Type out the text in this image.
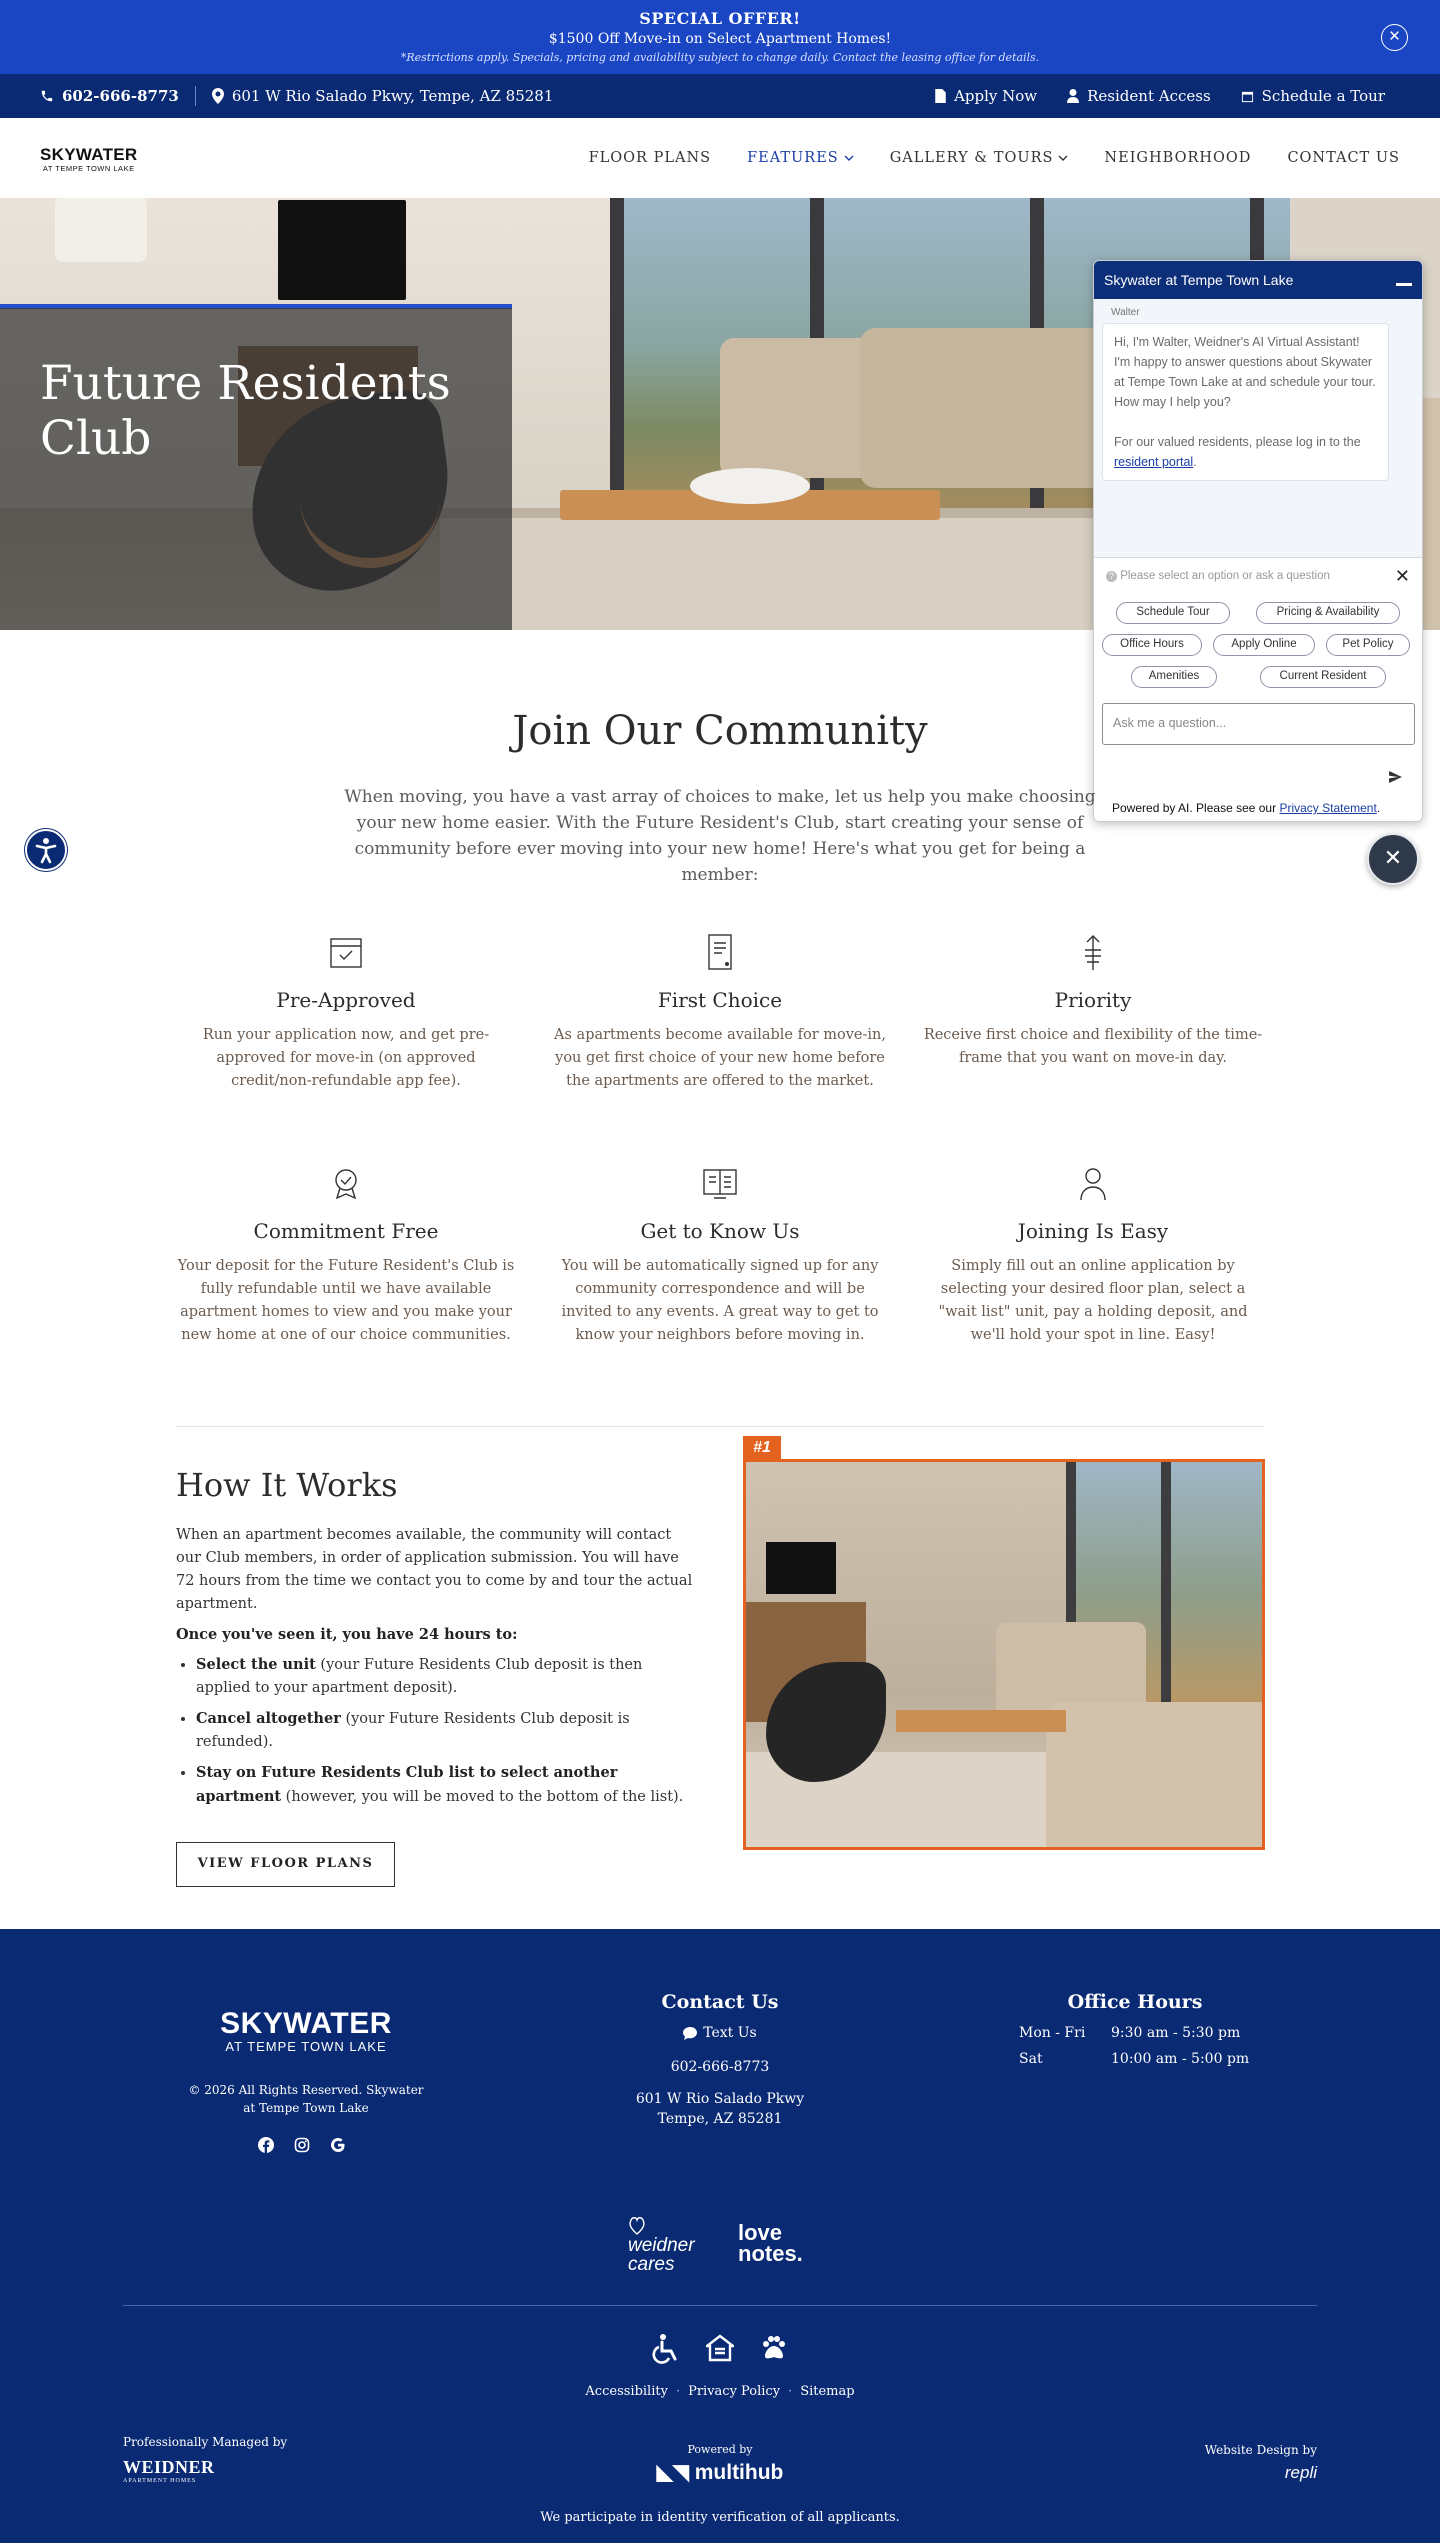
SPECIAL OFFER!
$1500 Off Move-in on Select Apartment Homes!
*Restrictions apply. Specials, pricing and availability subject to change daily. Contact the leasing office for details.
✕
602-666-8773	601 W Rio Salado Pkwy, Tempe, AZ 85281	Apply Now	Resident Access	Schedule a Tour
SKYWATER
AT TEMPE TOWN LAKE
FLOOR PLANS FEATURES	GALLERY & TOURS	NEIGHBORHOOD CONTACT US
Future Residents Club
Skywater at Tempe Town Lake
Walter
Hi, I'm Walter, Weidner's AI Virtual Assistant! I'm happy to answer questions about Skywater at Tempe Town Lake at and schedule your tour. How may I help you?
For our valued residents, please log in to the resident portal.
? Please select an option or ask a question	✕
Schedule Tour	Pricing & Availability
Office Hours	Apply Online	Pet Policy
Amenities	Current Resident
Ask me a question...
Powered by AI. Please see our Privacy Statement.
✕
Join Our Community

When moving, you have a vast array of choices to make, let us help you make choosing your new home easier. With the Future Resident's Club, start creating your sense of community before ever moving into your new home! Here's what you get for being a member:

Pre-Approved

Run your application now, and get pre-approved for move-in (on approved credit/non-refundable app fee).

First Choice

As apartments become available for move-in, you get first choice of your new home before the apartments are offered to the market.

Priority

Receive first choice and flexibility of the time-frame that you want on move-in day.

Commitment Free

Your deposit for the Future Resident's Club is fully refundable until we have available apartment homes to view and you make your new home at one of our choice communities.

Get to Know Us

You will be automatically signed up for any community correspondence and will be invited to any events. A great way to get to know your neighbors before moving in.

Joining Is Easy

Simply fill out an online application by selecting your desired floor plan, select a "wait list" unit, pay a holding deposit, and we'll hold your spot in line. Easy!

How It Works

When an apartment becomes available, the community will contact our Club members, in order of application submission. You will have 72 hours from the time we contact you to come by and tour the actual apartment.

Once you've seen it, you have 24 hours to:

• Select the unit (your Future Residents Club deposit is then applied to your apartment deposit).
• Cancel altogether (your Future Residents Club deposit is refunded).
• Stay on Future Residents Club list to select another apartment (however, you will be moved to the bottom of the list).
VIEW FLOOR PLANS
#1
SKYWATER
AT TEMPE TOWN LAKE
© 2026 All Rights Reserved. Skywater at Tempe Town Lake
Contact Us
Text Us
602-666-8773
601 W Rio Salado Pkwy
Tempe, AZ 85281
Office Hours
Mon - Fri 9:30 am - 5:30 pm
Sat	10:00 am - 5:00 pm
weidner cares
love notes.
Accessibility · Privacy Policy · Sitemap
Professionally Managed by
WEIDNER
APARTMENT HOMES
Powered by
◣◥ multihub
Website Design by
repli
We participate in identity verification of all applicants.
